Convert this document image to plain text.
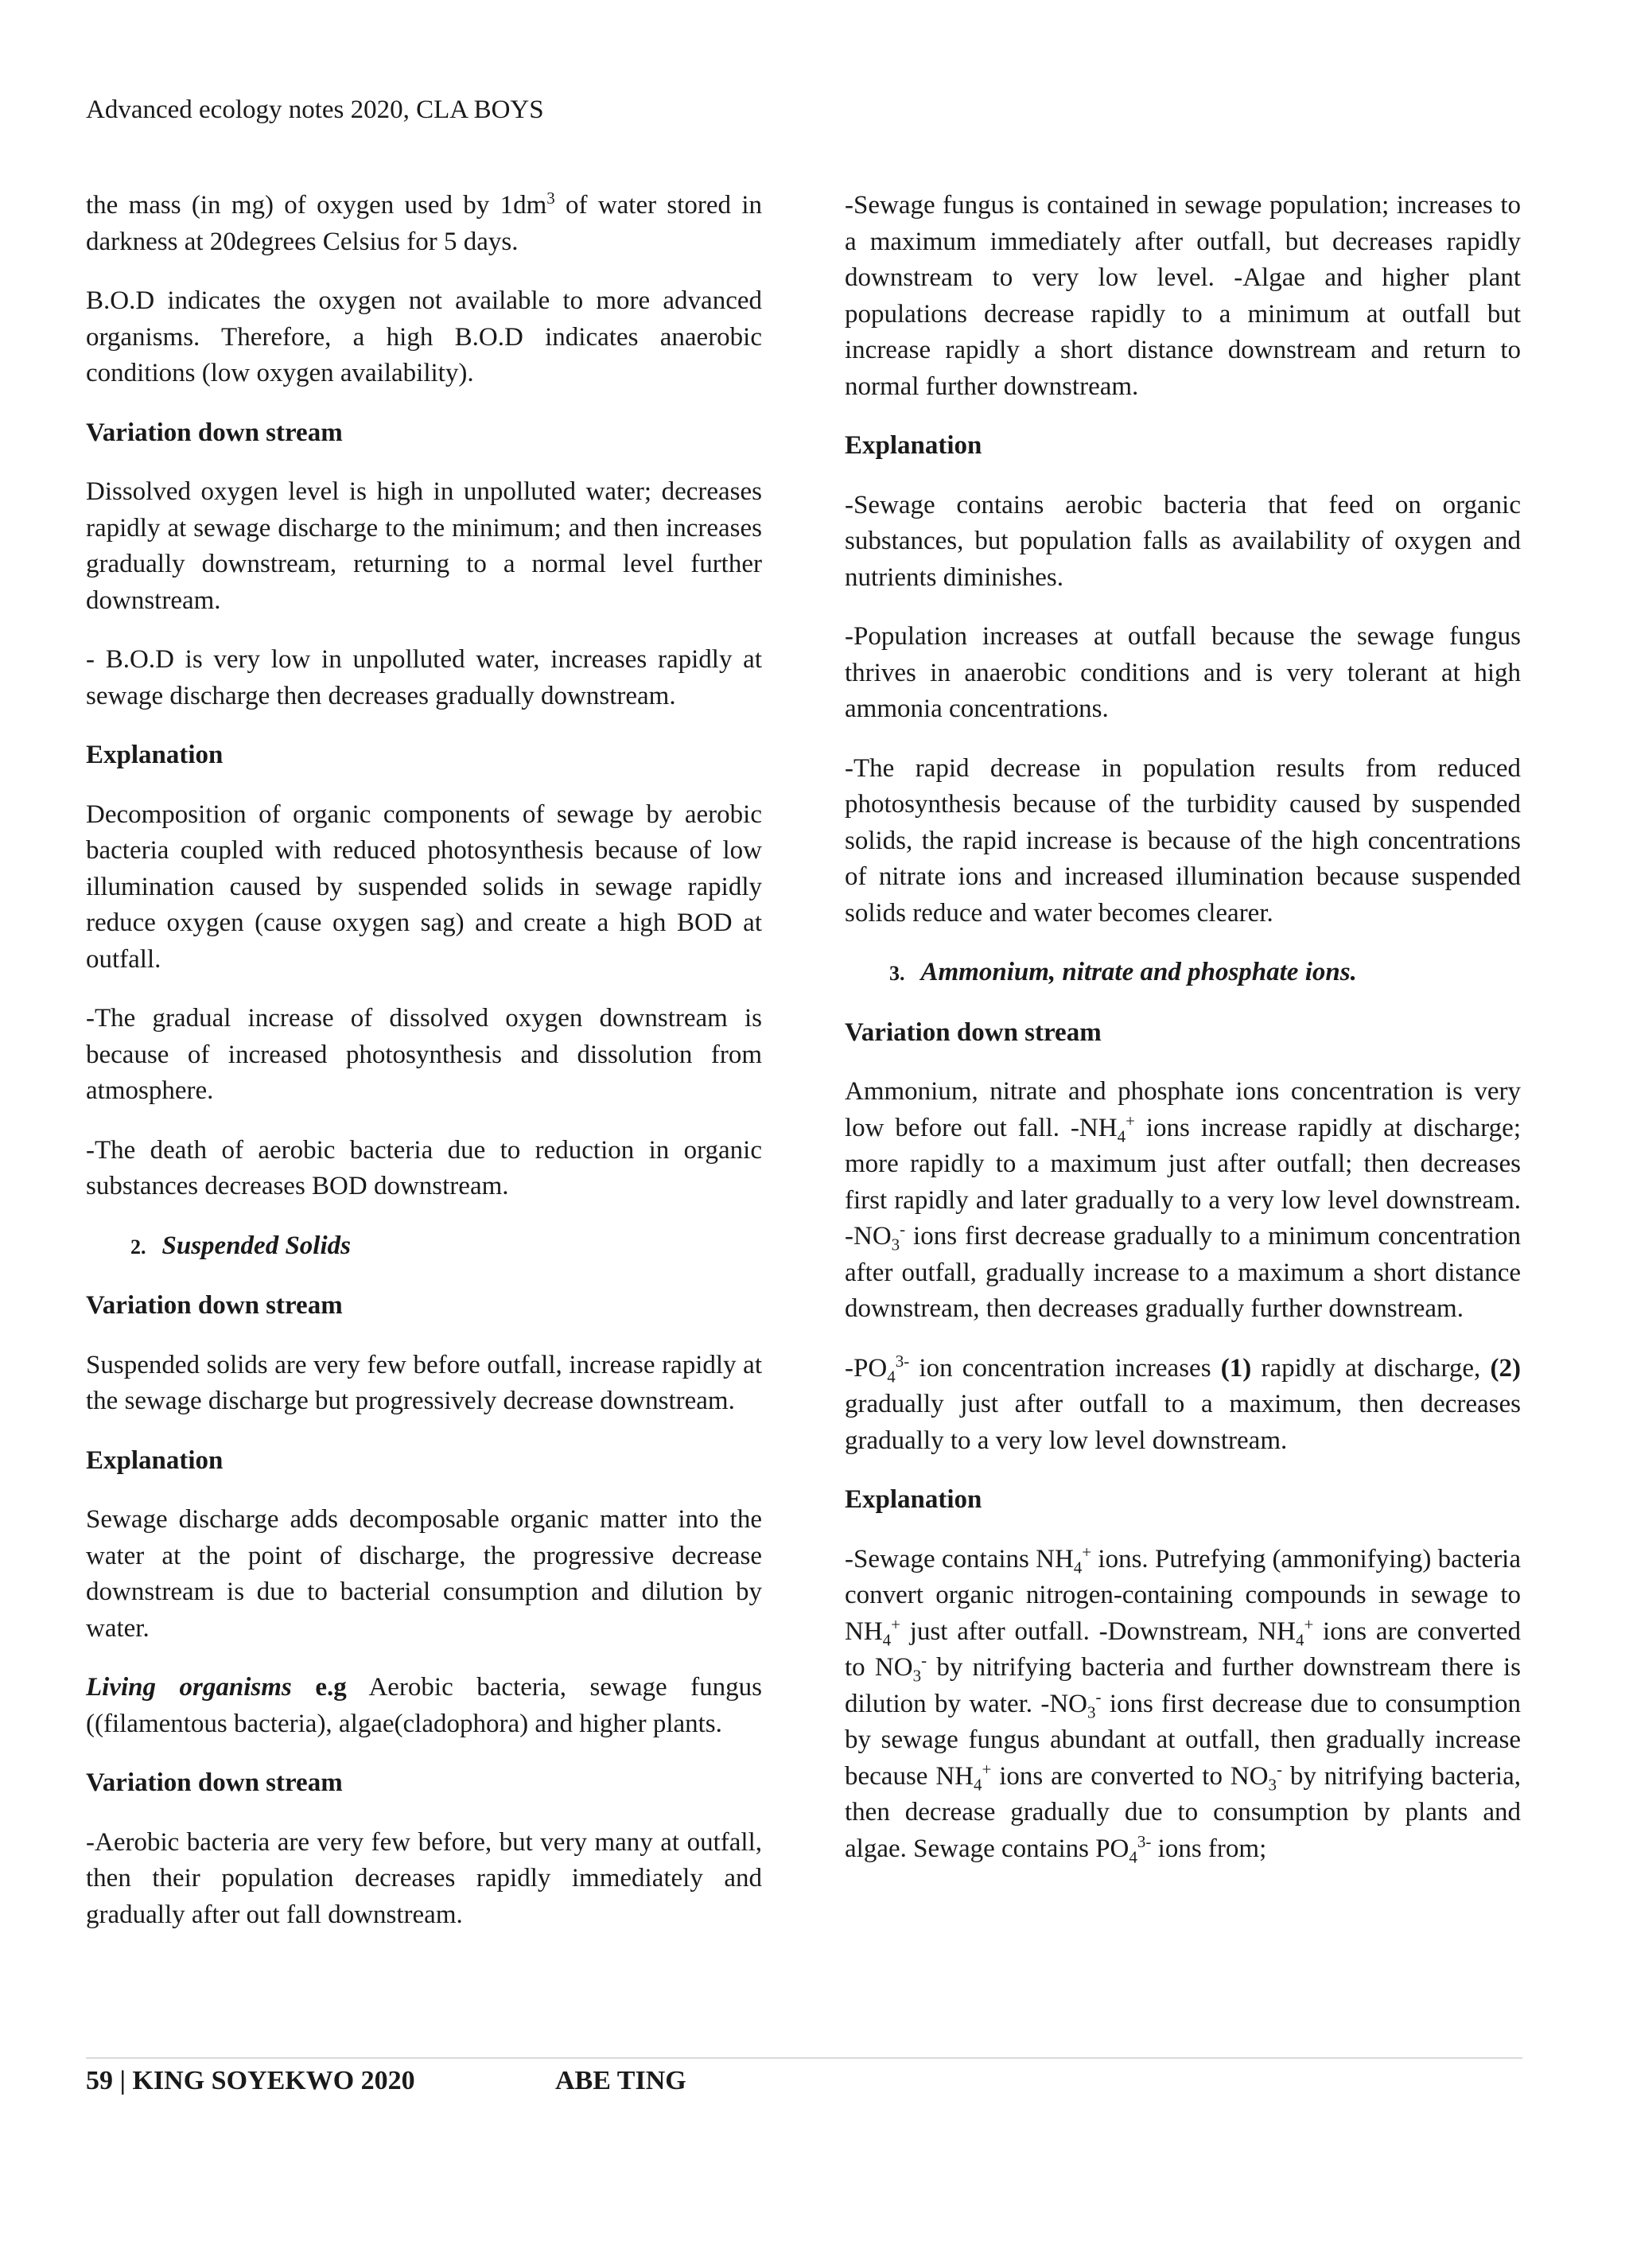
Advanced ecology notes 2020, CLA BOYS

the mass (in mg) of oxygen used by $1dm^3$ of water stored in darkness at 20degrees Celsius for 5 days.

B.O.D indicates the oxygen not available to more advanced organisms. Therefore, a high B.O.D indicates anaerobic conditions (low oxygen availability).

Variation down stream

Dissolved oxygen level is high in unpolluted water; decreases rapidly at sewage discharge to the minimum; and then increases gradually downstream, returning to a normal level further downstream.

- B.O.D is very low in unpolluted water, increases rapidly at sewage discharge then decreases gradually downstream.

Explanation

Decomposition of organic components of sewage by aerobic bacteria coupled with reduced photosynthesis because of low illumination caused by suspended solids in sewage rapidly reduce oxygen (cause oxygen sag) and create a high BOD at outfall.

-The gradual increase of dissolved oxygen downstream is because of increased photosynthesis and dissolution from atmosphere.

-The death of aerobic bacteria due to reduction in organic substances decreases BOD downstream.

2. Suspended Solids
Variation down stream

Suspended solids are very few before outfall, increase rapidly at the sewage discharge but progressively decrease downstream.

Explanation

Sewage discharge adds decomposable organic matter into the water at the point of discharge, the progressive decrease downstream is due to bacterial consumption and dilution by water.

Living organisms e.g Aerobic bacteria, sewage fungus ((filamentous bacteria), algae(cladophora) and higher plants.

Variation down stream

-Aerobic bacteria are very few before, but very many at outfall, then their population decreases rapidly immediately and gradually after out fall downstream.

-Sewage fungus is contained in sewage population; increases to a maximum immediately after outfall, but decreases rapidly downstream to very low level. -Algae and higher plant populations decrease rapidly to a minimum at outfall but increase rapidly a short distance downstream and return to normal further downstream.

Explanation

-Sewage contains aerobic bacteria that feed on organic substances, but population falls as availability of oxygen and nutrients diminishes.

-Population increases at outfall because the sewage fungus thrives in anaerobic conditions and is very tolerant at high ammonia concentrations.

-The rapid decrease in population results from reduced photosynthesis because of the turbidity caused by suspended solids, the rapid increase is because of the high concentrations of nitrate ions and increased illumination because suspended solids reduce and water becomes clearer.

3. Ammonium, nitrate and phosphate ions.
Variation down stream

Ammonium, nitrate and phosphate ions concentration is very low before out fall. $-NH_4^+$ ions increase rapidly at discharge; more rapidly to a maximum just after outfall; then decreases first rapidly and later gradually to a very low level downstream. $-NO_3^-$ ions first decrease gradually to a minimum concentration after outfall, gradually increase to a maximum a short distance downstream, then decreases gradually further downstream.

$-PO_4^{3-}$ ion concentration increases (1) rapidly at discharge, (2) gradually just after outfall to a maximum, then decreases gradually to a very low level downstream.

Explanation

-Sewage contains $NH_4^+$ ions. Putrefying (ammonifying) bacteria convert organic nitrogen-containing compounds in sewage to $NH_4^+$ just after outfall. -Downstream, $NH_4^+$ ions are converted to $NO_3^-$ by nitrifying bacteria and further downstream there is dilution by water. $-NO_3^-$ ions first decrease due to consumption by sewage fungus abundant at outfall, then gradually increase because $NH_4^+$ ions are converted to $NO_3^-$ by nitrifying bacteria, then decrease gradually due to consumption by plants and algae. Sewage contains $PO_4^{3-}$ ions from;

59 | KING SOYEKWO 2020	ABE TING
